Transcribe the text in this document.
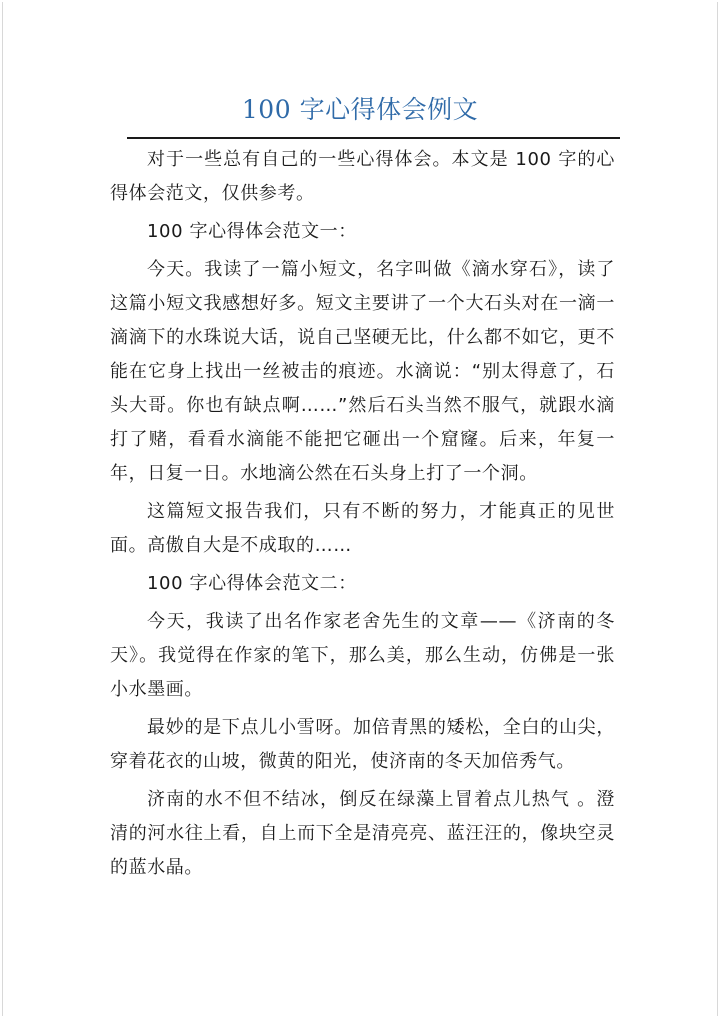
100 字心得体会例文

对于一些总有自己的一些心得体会。本文是 100 字的心得体会范文，仅供参考。

100 字心得体会范文一：

今天。我读了一篇小短文，名字叫做《滴水穿石》，读了这篇小短文我感想好多。短文主要讲了一个大石头对在一滴一滴滴下的水珠说大话，说自己坚硬无比，什么都不如它，更不能在它身上找出一丝被击的痕迹。水滴说：“别太得意了，石头大哥。你也有缺点啊……”然后石头当然不服气，就跟水滴打了赌，看看水滴能不能把它砸出一个窟窿。后来，年复一年，日复一日。水地滴公然在石头身上打了一个洞。

这篇短文报告我们，只有不断的努力，才能真正的见世面。高傲自大是不成取的……

100 字心得体会范文二：

今天，我读了出名作家老舍先生的文章——《济南的冬天》。我觉得在作家的笔下，那么美，那么生动，仿佛是一张小水墨画。

最妙的是下点儿小雪呀。加倍青黑的矮松，全白的山尖，穿着花衣的山坡，微黄的阳光，使济南的冬天加倍秀气。

济南的水不但不结冰，倒反在绿藻上冒着点儿热气 。澄清的河水往上看，自上而下全是清亮亮、蓝汪汪的，像块空灵的蓝水晶。
